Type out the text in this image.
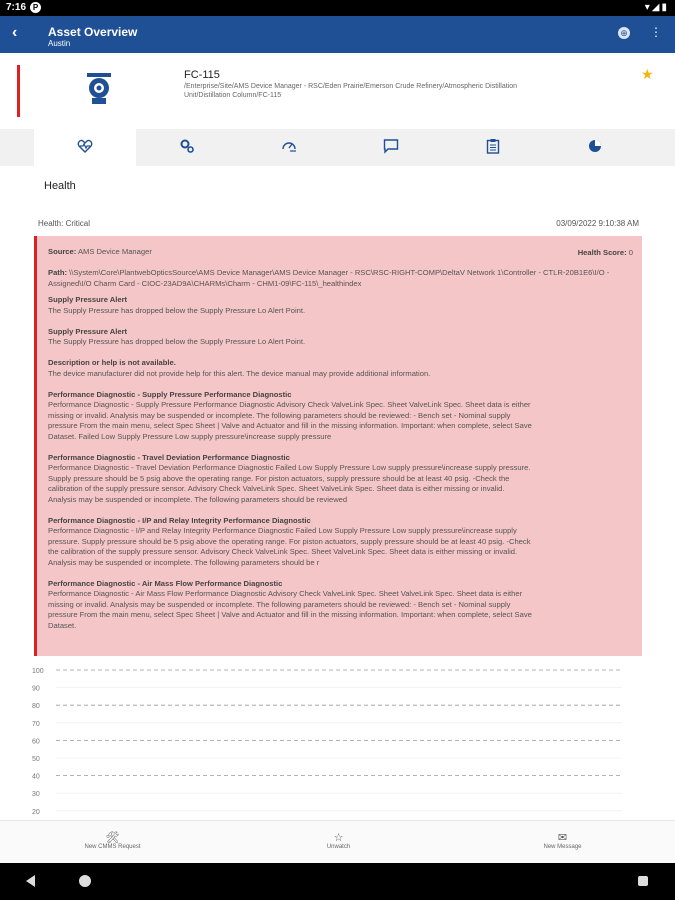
7:16 P	▾◢▮
‹	Asset Overview
Austin
⊕ ⋮
FC-115
/Enterprise/Site/AMS Device Manager - RSC/Eden Prairie/Emerson Crude Refinery/Atmospheric Distillation Unit/Distillation Column/FC-115
★
Health
Health: Critical	03/09/2022 9:10:38 AM
Source: AMS Device Manager	Health Score: 0
Path: \\System\Core\PlantwebOpticsSource\AMS Device Manager\AMS Device Manager - RSC\RSC-RIGHT-COMP\DeltaV Network 1\Controller - CTLR-20B1E6\I/O - Assigned\I/O Charm Card - CIOC-23AD9A\CHARMs\Charm - CHM1-09\FC-115\_healthindex
Supply Pressure Alert
The Supply Pressure has dropped below the Supply Pressure Lo Alert Point.
Supply Pressure Alert
The Supply Pressure has dropped below the Supply Pressure Lo Alert Point.
Description or help is not available.
The device manufacturer did not provide help for this alert. The device manual may provide additional information.
Performance Diagnostic - Supply Pressure Performance Diagnostic
Performance Diagnostic - Supply Pressure Performance Diagnostic Advisory Check ValveLink Spec. Sheet ValveLink Spec. Sheet data is either
missing or invalid. Analysis may be suspended or incomplete. The following parameters should be reviewed: - Bench set - Nominal supply
pressure From the main menu, select Spec Sheet | Valve and Actuator and fill in the missing information. Important: when complete, select Save
Dataset. Failed Low Supply Pressure Low supply pressure\increase supply pressure
Performance Diagnostic - Travel Deviation Performance Diagnostic
Performance Diagnostic - Travel Deviation Performance Diagnostic Failed Low Supply Pressure Low supply pressure\increase supply pressure.
Supply pressure should be 5 psig above the operating range. For piston actuators, supply pressure should be at least 40 psig. -Check the
calibration of the supply pressure sensor. Advisory Check ValveLink Spec. Sheet ValveLink Spec. Sheet data is either missing or invalid.
Analysis may be suspended or incomplete. The following parameters should be reviewed
Performance Diagnostic - I/P and Relay Integrity Performance Diagnostic
Performance Diagnostic - I/P and Relay Integrity Performance Diagnostic Failed Low Supply Pressure Low supply pressure\increase supply
pressure. Supply pressure should be 5 psig above the operating range. For piston actuators, supply pressure should be at least 40 psig. -Check
the calibration of the supply pressure sensor. Advisory Check ValveLink Spec. Sheet ValveLink Spec. Sheet data is either missing or invalid.
Analysis may be suspended or incomplete. The following parameters should be r
Performance Diagnostic - Air Mass Flow Performance Diagnostic
Performance Diagnostic - Air Mass Flow Performance Diagnostic Advisory Check ValveLink Spec. Sheet ValveLink Spec. Sheet data is either
missing or invalid. Analysis may be suspended or incomplete. The following parameters should be reviewed: - Bench set - Nominal supply
pressure From the main menu, select Spec Sheet | Valve and Actuator and fill in the missing information. Important: when complete, select Save
Dataset.
100
90
80
70
60
50
40
30
20
🛠
New CMMS Request
☆
Unwatch
✉
New Message
